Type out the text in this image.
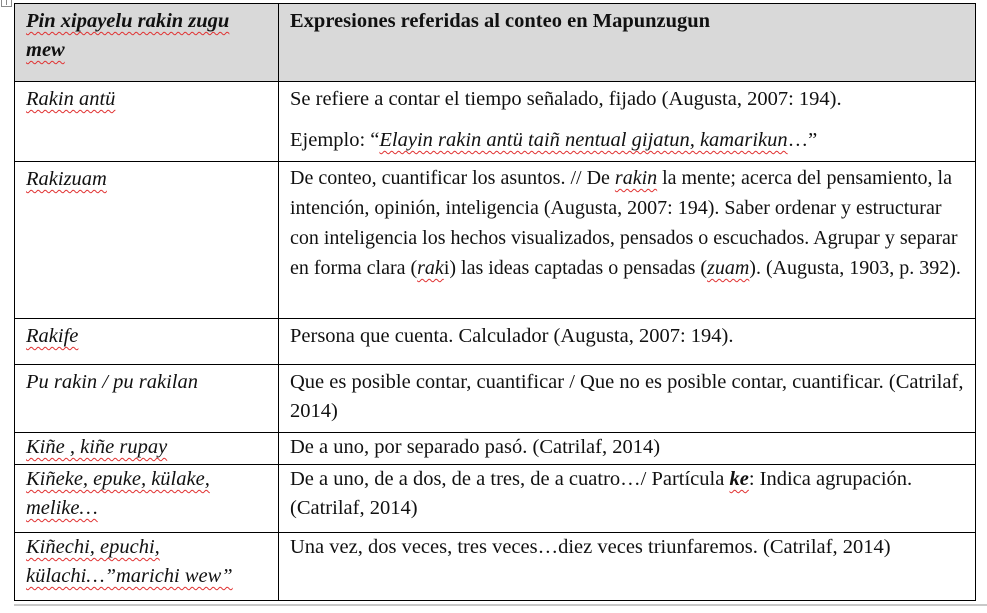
Pin xipayelu rakin zugu mew	Expresiones referidas al conteo en Mapunzugun
Rakin antü	Se refiere a contar el tiempo señalado, fijado (Augusta, 2007: 194).
Ejemplo: “Elayin rakin antü taiñ nentual gijatun, kamarikun…”

Rakizuam	De conteo, cuantificar los asuntos. // De rakin la mente; acerca del pensamiento, la intención, opinión, inteligencia (Augusta, 2007: 194). Saber ordenar y estructurar con inteligencia los hechos visualizados, pensados o escuchados. Agrupar y separar en forma clara (raki) las ideas captadas o pensadas (zuam). (Augusta, 1903, p. 392).
Rakife	Persona que cuenta. Calculador (Augusta, 2007: 194).
Pu rakin / pu rakilan	Que es posible contar, cuantificar / Que no es posible contar, cuantificar. (Catrilaf, 2014)
Kiñe , kiñe rupay	De a uno, por separado pasó. (Catrilaf, 2014)
Kiñeke, epuke, külake, melike…	De a uno, de a dos, de a tres, de a cuatro…/ Partícula ke: Indica agrupación. (Catrilaf, 2014)
Kiñechi, epuchi, külachi…”marichi wew”	Una vez, dos veces, tres veces…diez veces triunfaremos. (Catrilaf, 2014)
